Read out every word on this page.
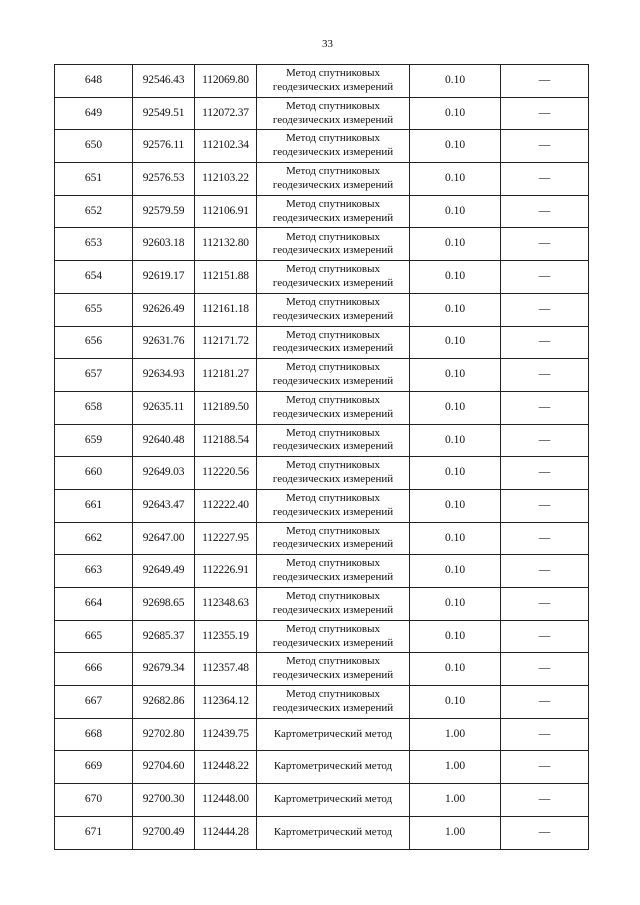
33
648	92546.43	112069.80	Метод спутниковых геодезических измерений	0.10	—
649	92549.51	112072.37	Метод спутниковых геодезических измерений	0.10	—
650	92576.11	112102.34	Метод спутниковых геодезических измерений	0.10	—
651	92576.53	112103.22	Метод спутниковых геодезических измерений	0.10	—
652	92579.59	112106.91	Метод спутниковых геодезических измерений	0.10	—
653	92603.18	112132.80	Метод спутниковых геодезических измерений	0.10	—
654	92619.17	112151.88	Метод спутниковых геодезических измерений	0.10	—
655	92626.49	112161.18	Метод спутниковых геодезических измерений	0.10	—
656	92631.76	112171.72	Метод спутниковых геодезических измерений	0.10	—
657	92634.93	112181.27	Метод спутниковых геодезических измерений	0.10	—
658	92635.11	112189.50	Метод спутниковых геодезических измерений	0.10	—
659	92640.48	112188.54	Метод спутниковых геодезических измерений	0.10	—
660	92649.03	112220.56	Метод спутниковых геодезических измерений	0.10	—
661	92643.47	112222.40	Метод спутниковых геодезических измерений	0.10	—
662	92647.00	112227.95	Метод спутниковых геодезических измерений	0.10	—
663	92649.49	112226.91	Метод спутниковых геодезических измерений	0.10	—
664	92698.65	112348.63	Метод спутниковых геодезических измерений	0.10	—
665	92685.37	112355.19	Метод спутниковых геодезических измерений	0.10	—
666	92679.34	112357.48	Метод спутниковых геодезических измерений	0.10	—
667	92682.86	112364.12	Метод спутниковых геодезических измерений	0.10	—
668	92702.80	112439.75	Картометрический метод	1.00	—
669	92704.60	112448.22	Картометрический метод	1.00	—
670	92700.30	112448.00	Картометрический метод	1.00	—
671	92700.49	112444.28	Картометрический метод	1.00	—
